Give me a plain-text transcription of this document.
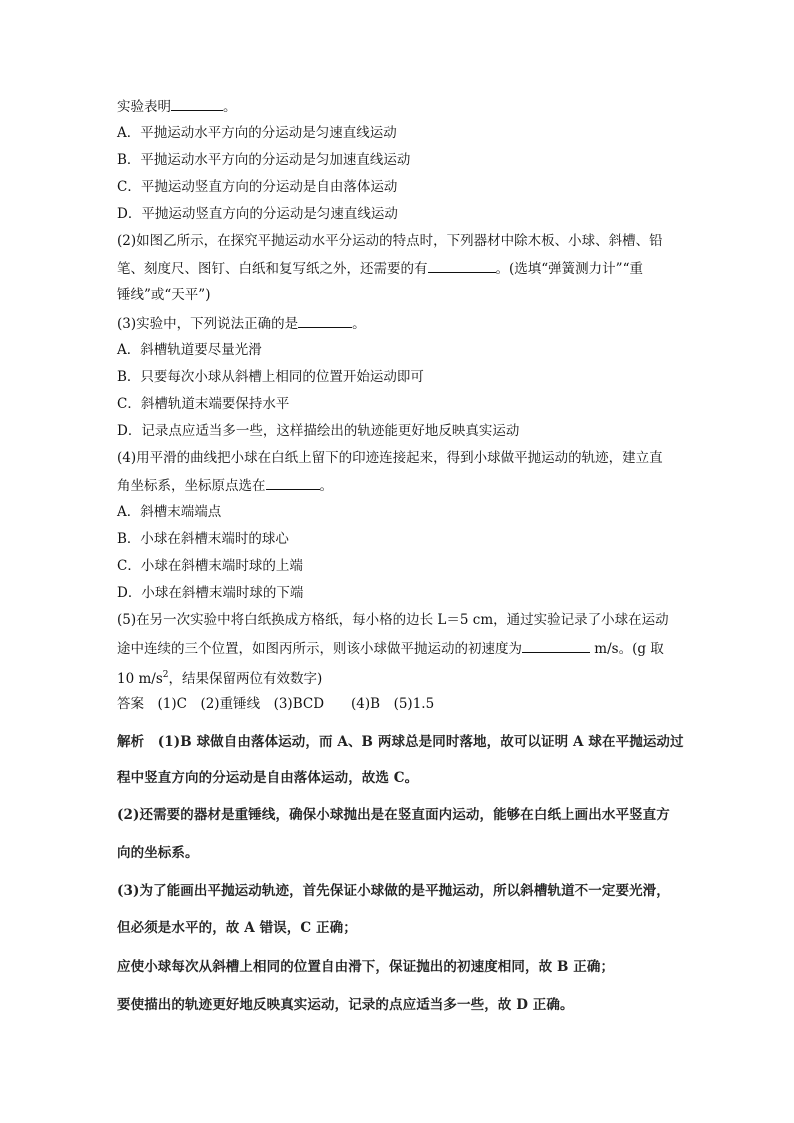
实验表明	。
A．平抛运动水平方向的分运动是匀速直线运动
B．平抛运动水平方向的分运动是匀加速直线运动
C．平抛运动竖直方向的分运动是自由落体运动
D．平抛运动竖直方向的分运动是匀速直线运动
(2)如图乙所示，在探究平抛运动水平分运动的特点时，下列器材中除木板、小球、斜槽、铅
笔、刻度尺、图钉、白纸和复写纸之外，还需要的有	。(选填“弹簧测力计”“重
锤线”或“天平”)
(3)实验中，下列说法正确的是	。
A．斜槽轨道要尽量光滑
B．只要每次小球从斜槽上相同的位置开始运动即可
C．斜槽轨道末端要保持水平
D．记录点应适当多一些，这样描绘出的轨迹能更好地反映真实运动
(4)用平滑的曲线把小球在白纸上留下的印迹连接起来，得到小球做平抛运动的轨迹，建立直
角坐标系，坐标原点选在	。
A．斜槽末端端点
B．小球在斜槽末端时的球心
C．小球在斜槽末端时球的上端
D．小球在斜槽末端时球的下端
(5)在另一次实验中将白纸换成方格纸，每小格的边长 L＝5 cm，通过实验记录了小球在运动
途中连续的三个位置，如图丙所示，则该小球做平抛运动的初速度为	m/s。(g 取
10 $m/s^2$，结果保留两位有效数字)
答案　(1)C　(2)重锤线　(3)BCD　　(4)B　(5)1.5
解析　(1)B 球做自由落体运动，而 A、B 两球总是同时落地，故可以证明 A 球在平抛运动过
程中竖直方向的分运动是自由落体运动，故选 C。
(2)还需要的器材是重锤线，确保小球抛出是在竖直面内运动，能够在白纸上画出水平竖直方
向的坐标系。
(3)为了能画出平抛运动轨迹，首先保证小球做的是平抛运动，所以斜槽轨道不一定要光滑，
但必须是水平的，故 A 错误，C 正确；
应使小球每次从斜槽上相同的位置自由滑下，保证抛出的初速度相同，故 B 正确；
要使描出的轨迹更好地反映真实运动，记录的点应适当多一些，故 D 正确。
